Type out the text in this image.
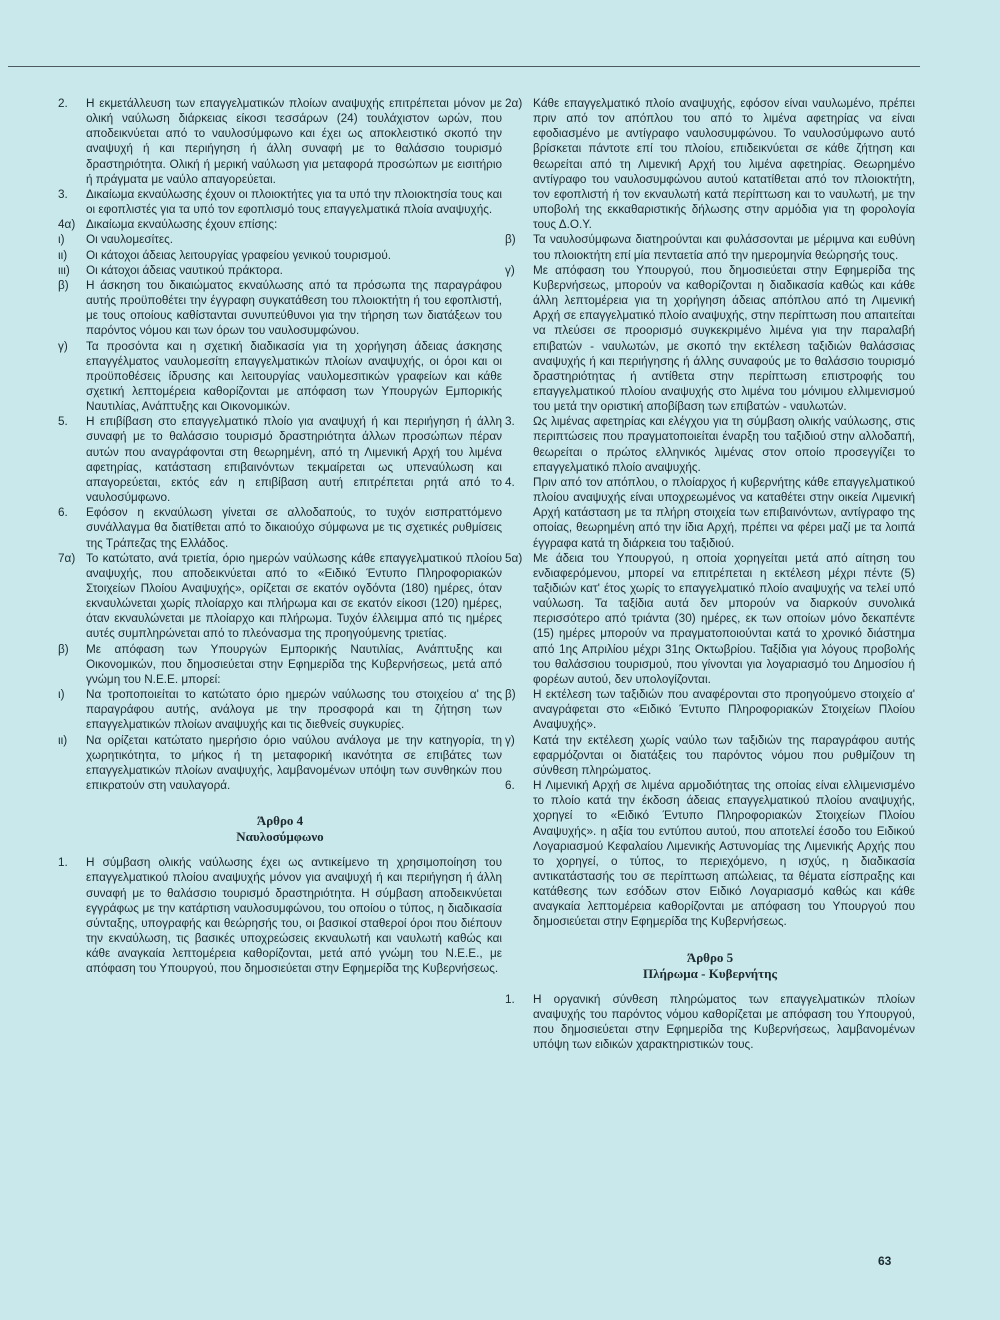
2.	Η εκμετάλλευση των επαγγελματικών πλοίων αναψυχής επιτρέπεται μόνον με ολική ναύλωση διάρκειας είκοσι τεσσάρων (24) τουλάχιστον ωρών, που αποδεικνύεται από το ναυλοσύμφωνο και έχει ως αποκλειστικό σκοπό την αναψυχή ή και περιήγηση ή άλλη συναφή με το θαλάσσιο τουρισμό δραστηριότητα. Ολική ή μερική ναύλωση για μεταφορά προσώπων με εισιτήριο ή πράγματα με ναύλο απαγορεύεται.
3.	Δικαίωμα εκναύλωσης έχουν οι πλοιοκτήτες για τα υπό την πλοιοκτησία τους και οι εφοπλιστές για τα υπό τον εφοπλισμό τους επαγγελματικά πλοία αναψυχής.
4α) Δικαίωμα εκναύλωσης έχουν επίσης:
ι)	Οι ναυλομεσίτες.
ιι)	Οι κάτοχοι άδειας λειτουργίας γραφείου γενικού τουρισμού.
ιιι)	Οι κάτοχοι άδειας ναυτικού πράκτορα.
β)	Η άσκηση του δικαιώματος εκναύλωσης από τα πρόσωπα της παραγράφου αυτής προϋποθέτει την έγγραφη συγκατάθεση του πλοιοκτήτη ή του εφοπλιστή, με τους οποίους καθίστανται συνυπεύθυνοι για την τήρηση των διατάξεων του παρόντος νόμου και των όρων του ναυλοσυμφώνου.
γ)	Τα προσόντα και η σχετική διαδικασία για τη χορήγηση άδειας άσκησης επαγγέλματος ναυλομεσίτη επαγγελματικών πλοίων αναψυχής, οι όροι και οι προϋποθέσεις ίδρυσης και λειτουργίας ναυλομεσιτικών γραφείων και κάθε σχετική λεπτομέρεια καθορίζονται με απόφαση των Υπουργών Εμπορικής Ναυτιλίας, Ανάπτυξης και Οικονομικών.
5.	Η επιβίβαση στο επαγγελματικό πλοίο για αναψυχή ή και περιήγηση ή άλλη συναφή με το θαλάσσιο τουρισμό δραστηριότητα άλλων προσώπων πέραν αυτών που αναγράφονται στη θεωρημένη, από τη Λιμενική Αρχή του λιμένα αφετηρίας, κατάσταση επιβαινόντων τεκμαίρεται ως υπεναύλωση και απαγορεύεται, εκτός εάν η επιβίβαση αυτή επιτρέπεται ρητά από το ναυλοσύμφωνο.
6.	Εφόσον η εκναύλωση γίνεται σε αλλοδαπούς, το τυχόν εισπραττόμενο συνάλλαγμα θα διατίθεται από το δικαιούχο σύμφωνα με τις σχετικές ρυθμίσεις της Τράπεζας της Ελλάδος.
7α) Το κατώτατο, ανά τριετία, όριο ημερών ναύλωσης κάθε επαγγελματικού πλοίου αναψυχής, που αποδεικνύεται από το «Ειδικό Έντυπο Πληροφοριακών Στοιχείων Πλοίου Αναψυχής», ορίζεται σε εκατόν ογδόντα (180) ημέρες, όταν εκναυλώνεται χωρίς πλοίαρχο και πλήρωμα και σε εκατόν είκοσι (120) ημέρες, όταν εκναυλώνεται με πλοίαρχο και πλήρωμα. Τυχόν έλλειμμα από τις ημέρες αυτές συμπληρώνεται από το πλεόνασμα της προηγούμενης τριετίας.
β)	Με απόφαση των Υπουργών Εμπορικής Ναυτιλίας, Ανάπτυξης και Οικονομικών, που δημοσιεύεται στην Εφημερίδα της Κυβερνήσεως, μετά από γνώμη του Ν.Ε.Ε. μπορεί:
ι)	Να τροποποιείται το κατώτατο όριο ημερών ναύλωσης του στοιχείου α' της παραγράφου αυτής, ανάλογα με την προσφορά και τη ζήτηση των επαγγελματικών πλοίων αναψυχής και τις διεθνείς συγκυρίες.
ιι)	Να ορίζεται κατώτατο ημερήσιο όριο ναύλου ανάλογα με την κατηγορία, τη χωρητικότητα, το μήκος ή τη μεταφορική ικανότητα σε επιβάτες των επαγγελματικών πλοίων αναψυχής, λαμβανομένων υπόψη των συνθηκών που επικρατούν στη ναυλαγορά.

Άρθρο 4

Ναυλοσύμφωνο

1.	Η σύμβαση ολικής ναύλωσης έχει ως αντικείμενο τη χρησιμοποίηση του επαγγελματικού πλοίου αναψυχής μόνον για αναψυχή ή και περιήγηση ή άλλη συναφή με το θαλάσσιο τουρισμό δραστηριότητα. Η σύμβαση αποδεικνύεται εγγράφως με την κατάρτιση ναυλοσυμφώνου, του οποίου ο τύπος, η διαδικασία σύνταξης, υπογραφής και θεώρησής του, οι βασικοί σταθεροί όροι που διέπουν την εκναύλωση, τις βασικές υποχρεώσεις εκναυλωτή και ναυλωτή καθώς και κάθε αναγκαία λεπτομέρεια καθορίζονται, μετά από γνώμη του Ν.Ε.Ε., με απόφαση του Υπουργού, που δημοσιεύεται στην Εφημερίδα της Κυβερνήσεως.
2α) Κάθε επαγγελματικό πλοίο αναψυχής, εφόσον είναι ναυλωμένο, πρέπει πριν από τον απόπλου του από το λιμένα αφετηρίας να είναι εφοδιασμένο με αντίγραφο ναυλοσυμφώνου. Το ναυλοσύμφωνο αυτό βρίσκεται πάντοτε επί του πλοίου, επιδεικνύεται σε κάθε ζήτηση και θεωρείται από τη Λιμενική Αρχή του λιμένα αφετηρίας. Θεωρημένο αντίγραφο του ναυλοσυμφώνου αυτού κατατίθεται από τον πλοιοκτήτη, τον εφοπλιστή ή τον εκναυλωτή κατά περίπτωση και το ναυλωτή, με την υποβολή της εκκαθαριστικής δήλωσης στην αρμόδια για τη φορολογία τους Δ.Ο.Υ.
β)	Τα ναυλοσύμφωνα διατηρούνται και φυλάσσονται με μέριμνα και ευθύνη του πλοιοκτήτη επί μία πενταετία από την ημερομηνία θεώρησής τους.
γ)	Με απόφαση του Υπουργού, που δημοσιεύεται στην Εφημερίδα της Κυβερνήσεως, μπορούν να καθορίζονται η διαδικασία καθώς και κάθε άλλη λεπτομέρεια για τη χορήγηση άδειας απόπλου από τη Λιμενική Αρχή σε επαγγελματικό πλοίο αναψυχής, στην περίπτωση που απαιτείται να πλεύσει σε προορισμό συγκεκριμένο λιμένα για την παραλαβή επιβατών - ναυλωτών, με σκοπό την εκτέλεση ταξιδιών θαλάσσιας αναψυχής ή και περιήγησης ή άλλης συναφούς με το θαλάσσιο τουρισμό δραστηριότητας ή αντίθετα στην περίπτωση επιστροφής του επαγγελματικού πλοίου αναψυχής στο λιμένα του μόνιμου ελλιμενισμού του μετά την οριστική αποβίβαση των επιβατών - ναυλωτών.
3.	Ως λιμένας αφετηρίας και ελέγχου για τη σύμβαση ολικής ναύλωσης, στις περιπτώσεις που πραγματοποιείται έναρξη του ταξιδιού στην αλλοδαπή, θεωρείται ο πρώτος ελληνικός λιμένας στον οποίο προσεγγίζει το επαγγελματικό πλοίο αναψυχής.
4.	Πριν από τον απόπλου, ο πλοίαρχος ή κυβερνήτης κάθε επαγγελματικού πλοίου αναψυχής είναι υποχρεωμένος να καταθέτει στην οικεία Λιμενική Αρχή κατάσταση με τα πλήρη στοιχεία των επιβαινόντων, αντίγραφο της οποίας, θεωρημένη από την ίδια Αρχή, πρέπει να φέρει μαζί με τα λοιπά έγγραφα κατά τη διάρκεια του ταξιδιού.
5α) Με άδεια του Υπουργού, η οποία χορηγείται μετά από αίτηση του ενδιαφερόμενου, μπορεί να επιτρέπεται η εκτέλεση μέχρι πέντε (5) ταξιδιών κατ' έτος χωρίς το επαγγελματικό πλοίο αναψυχής να τελεί υπό ναύλωση. Τα ταξίδια αυτά δεν μπορούν να διαρκούν συνολικά περισσότερο από τριάντα (30) ημέρες, εκ των οποίων μόνο δεκαπέντε (15) ημέρες μπορούν να πραγματοποιούνται κατά το χρονικό διάστημα από 1ης Απριλίου μέχρι 31ης Οκτωβρίου. Ταξίδια για λόγους προβολής του θαλάσσιου τουρισμού, που γίνονται για λογαριασμό του Δημοσίου ή φορέων αυτού, δεν υπολογίζονται.
β)	Η εκτέλεση των ταξιδιών που αναφέρονται στο προηγούμενο στοιχείο α' αναγράφεται στο «Ειδικό Έντυπο Πληροφοριακών Στοιχείων Πλοίου Αναψυχής».
γ)	Κατά την εκτέλεση χωρίς ναύλο των ταξιδιών της παραγράφου αυτής εφαρμόζονται οι διατάξεις του παρόντος νόμου που ρυθμίζουν τη σύνθεση πληρώματος.
6.	Η Λιμενική Αρχή σε λιμένα αρμοδιότητας της οποίας είναι ελλιμενισμένο το πλοίο κατά την έκδοση άδειας επαγγελματικού πλοίου αναψυχής, χορηγεί το «Ειδικό Έντυπο Πληροφοριακών Στοιχείων Πλοίου Αναψυχής». η αξία του εντύπου αυτού, που αποτελεί έσοδο του Ειδικού Λογαριασμού Κεφαλαίου Λιμενικής Αστυνομίας της Λιμενικής Αρχής που το χορηγεί, ο τύπος, το περιεχόμενο, η ισχύς, η διαδικασία αντικατάστασής του σε περίπτωση απώλειας, τα θέματα είσπραξης και κατάθεσης των εσόδων στον Ειδικό Λογαριασμό καθώς και κάθε αναγκαία λεπτομέρεια καθορίζονται με απόφαση του Υπουργού που δημοσιεύεται στην Εφημερίδα της Κυβερνήσεως.

Άρθρο 5

Πλήρωμα - Κυβερνήτης

1.	Η οργανική σύνθεση πληρώματος των επαγγελματικών πλοίων αναψυχής του παρόντος νόμου καθορίζεται με απόφαση του Υπουργού, που δημοσιεύεται στην Εφημερίδα της Κυβερνήσεως, λαμβανομένων υπόψη των ειδικών χαρακτηριστικών τους.
63
